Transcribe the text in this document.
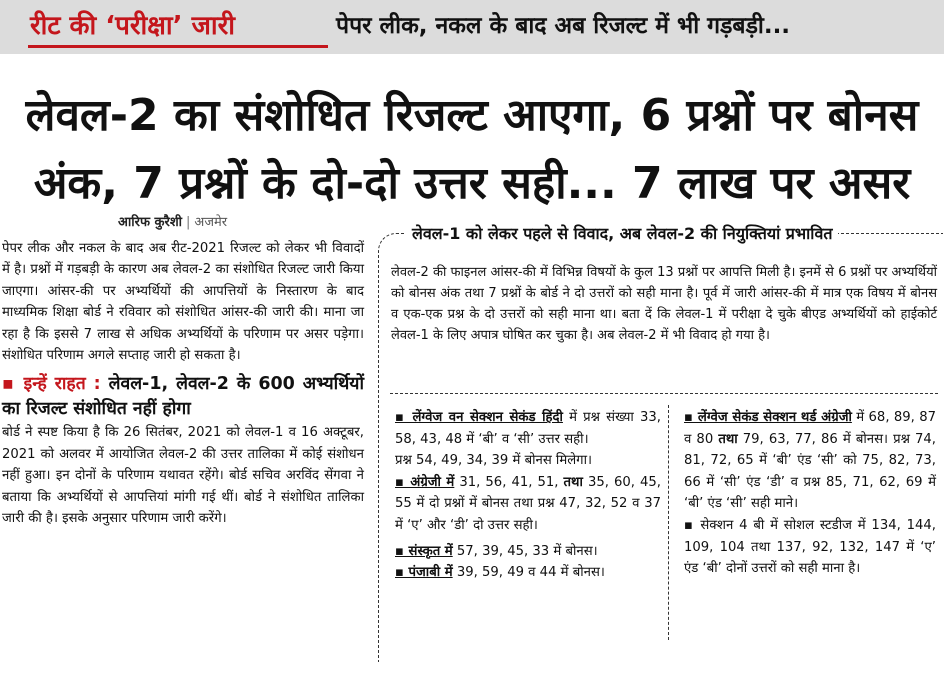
रीट की ‘परीक्षा’ जारी	पेपर लीक, नकल के बाद अब रिजल्ट में भी गड़बड़ी...
लेवल-2 का संशोधित रिजल्ट आएगा, 6 प्रश्नों पर बोनस
अंक, 7 प्रश्नों के दो-दो उत्तर सही... 7 लाख पर असर
आरिफ कुरैशी | अजमेर

पेपर लीक और नकल के बाद अब रीट-2021 रिजल्ट को लेकर भी विवादों में है। प्रश्नों में गड़बड़ी के कारण अब लेवल-2 का संशोधित रिजल्ट जारी किया जाएगा। आंसर-की पर अभ्यर्थियों की आपत्तियों के निस्तारण के बाद माध्यमिक शिक्षा बोर्ड ने रविवार को संशोधित आंसर-की जारी की। माना जा रहा है कि इससे 7 लाख से अधिक अभ्यर्थियों के परिणाम पर असर पड़ेगा। संशोधित परिणाम अगले सप्ताह जारी हो सकता है।

▪ इन्हें राहत : लेवल-1, लेवल-2 के 600 अभ्यर्थियों का रिजल्ट संशोधित नहीं होगा

बोर्ड ने स्पष्ट किया है कि 26 सितंबर, 2021 को लेवल-1 व 16 अक्टूबर, 2021 को अलवर में आयोजित लेवल-2 की उत्तर तालिका में कोई संशोधन नहीं हुआ। इन दोनों के परिणाम यथावत रहेंगे। बोर्ड सचिव अरविंद सेंगवा ने बताया कि अभ्यर्थियों से आपत्तियां मांगी गई थीं। बोर्ड ने संशोधित तालिका जारी की है। इसके अनुसार परिणाम जारी करेंगे।

लेवल-1 को लेकर पहले से विवाद, अब लेवल-2 की नियुक्तियां प्रभावित
लेवल-2 की फाइनल आंसर-की में विभिन्न विषयों के कुल 13 प्रश्नों पर आपत्ति मिली है। इनमें से 6 प्रश्नों पर अभ्यर्थियों को बोनस अंक तथा 7 प्रश्नों के बोर्ड ने दो उत्तरों को सही माना है। पूर्व में जारी आंसर-की में मात्र एक विषय में बोनस व एक-एक प्रश्न के दो उत्तरों को सही माना था। बता दें कि लेवल-1 में परीक्षा दे चुके बीएड अभ्यर्थियों को हाईकोर्ट लेवल-1 के लिए अपात्र घोषित कर चुका है। अब लेवल-2 में भी विवाद हो गया है।

▪ लेंग्वेज वन सेक्शन सेकंड हिंदी में प्रश्न संख्या 33, 58, 43, 48 में ‘बी’ व ‘सी’ उत्तर सही।

प्रश्न 54, 49, 34, 39 में बोनस मिलेगा।

▪ अंग्रेजी में 31, 56, 41, 51, तथा 35, 60, 45, 55 में दो प्रश्नों में बोनस तथा प्रश्न 47, 32, 52 व 37 में ‘ए’ और ‘डी’ दो उत्तर सही।

▪ संस्कृत में 57, 39, 45, 33 में बोनस।

▪ पंजाबी में 39, 59, 49 व 44 में बोनस।

▪ लेंग्वेज सेकंड सेक्शन थर्ड अंग्रेजी में 68, 89, 87 व 80 तथा 79, 63, 77, 86 में बोनस। प्रश्न 74, 81, 72, 65 में ‘बी’ एंड ‘सी’ को 75, 82, 73, 66 में ‘सी’ एंड ‘डी’ व प्रश्न 85, 71, 62, 69 में ‘बी’ एंड ‘सी’ सही माने।

▪ सेक्शन 4 बी में सोशल स्टडीज में 134, 144, 109, 104 तथा 137, 92, 132, 147 में ‘ए’ एंड ‘बी’ दोनों उत्तरों को सही माना है।
